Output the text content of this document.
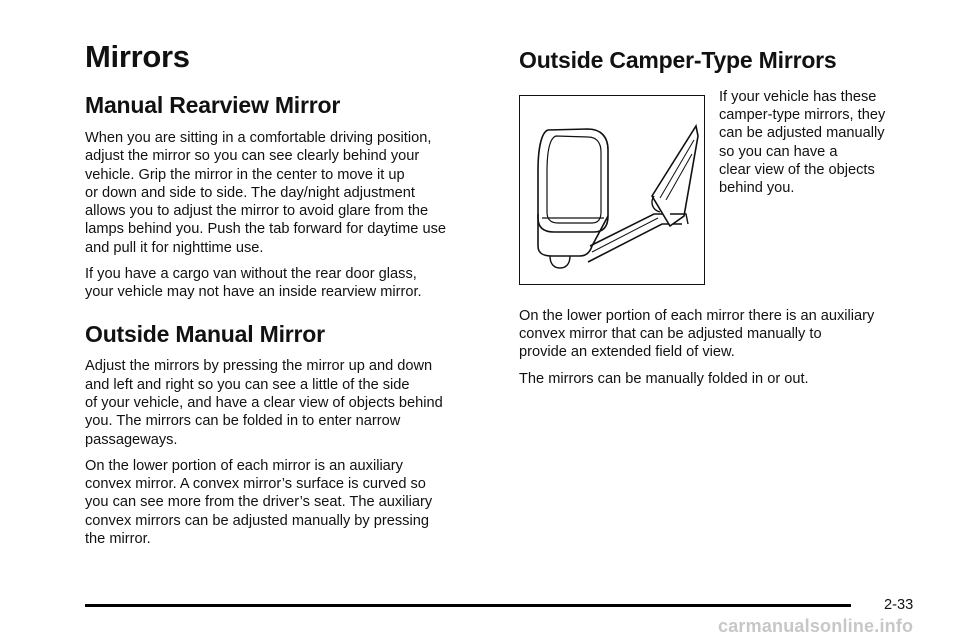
Mirrors
Manual Rearview Mirror

When you are sitting in a comfortable driving position,
adjust the mirror so you can see clearly behind your
vehicle. Grip the mirror in the center to move it up
or down and side to side. The day/night adjustment
allows you to adjust the mirror to avoid glare from the
lamps behind you. Push the tab forward for daytime use
and pull it for nighttime use.

If you have a cargo van without the rear door glass,
your vehicle may not have an inside rearview mirror.

Outside Manual Mirror

Adjust the mirrors by pressing the mirror up and down
and left and right so you can see a little of the side
of your vehicle, and have a clear view of objects behind
you. The mirrors can be folded in to enter narrow
passageways.

On the lower portion of each mirror is an auxiliary
convex mirror. A convex mirror’s surface is curved so
you can see more from the driver’s seat. The auxiliary
convex mirrors can be adjusted manually by pressing
the mirror.

Outside Camper-Type Mirrors

If your vehicle has these
camper-type mirrors, they
can be adjusted manually
so you can have a
clear view of the objects
behind you.

On the lower portion of each mirror there is an auxiliary
convex mirror that can be adjusted manually to
provide an extended field of view.

The mirrors can be manually folded in or out.

2-33
carmanualsonline.info
